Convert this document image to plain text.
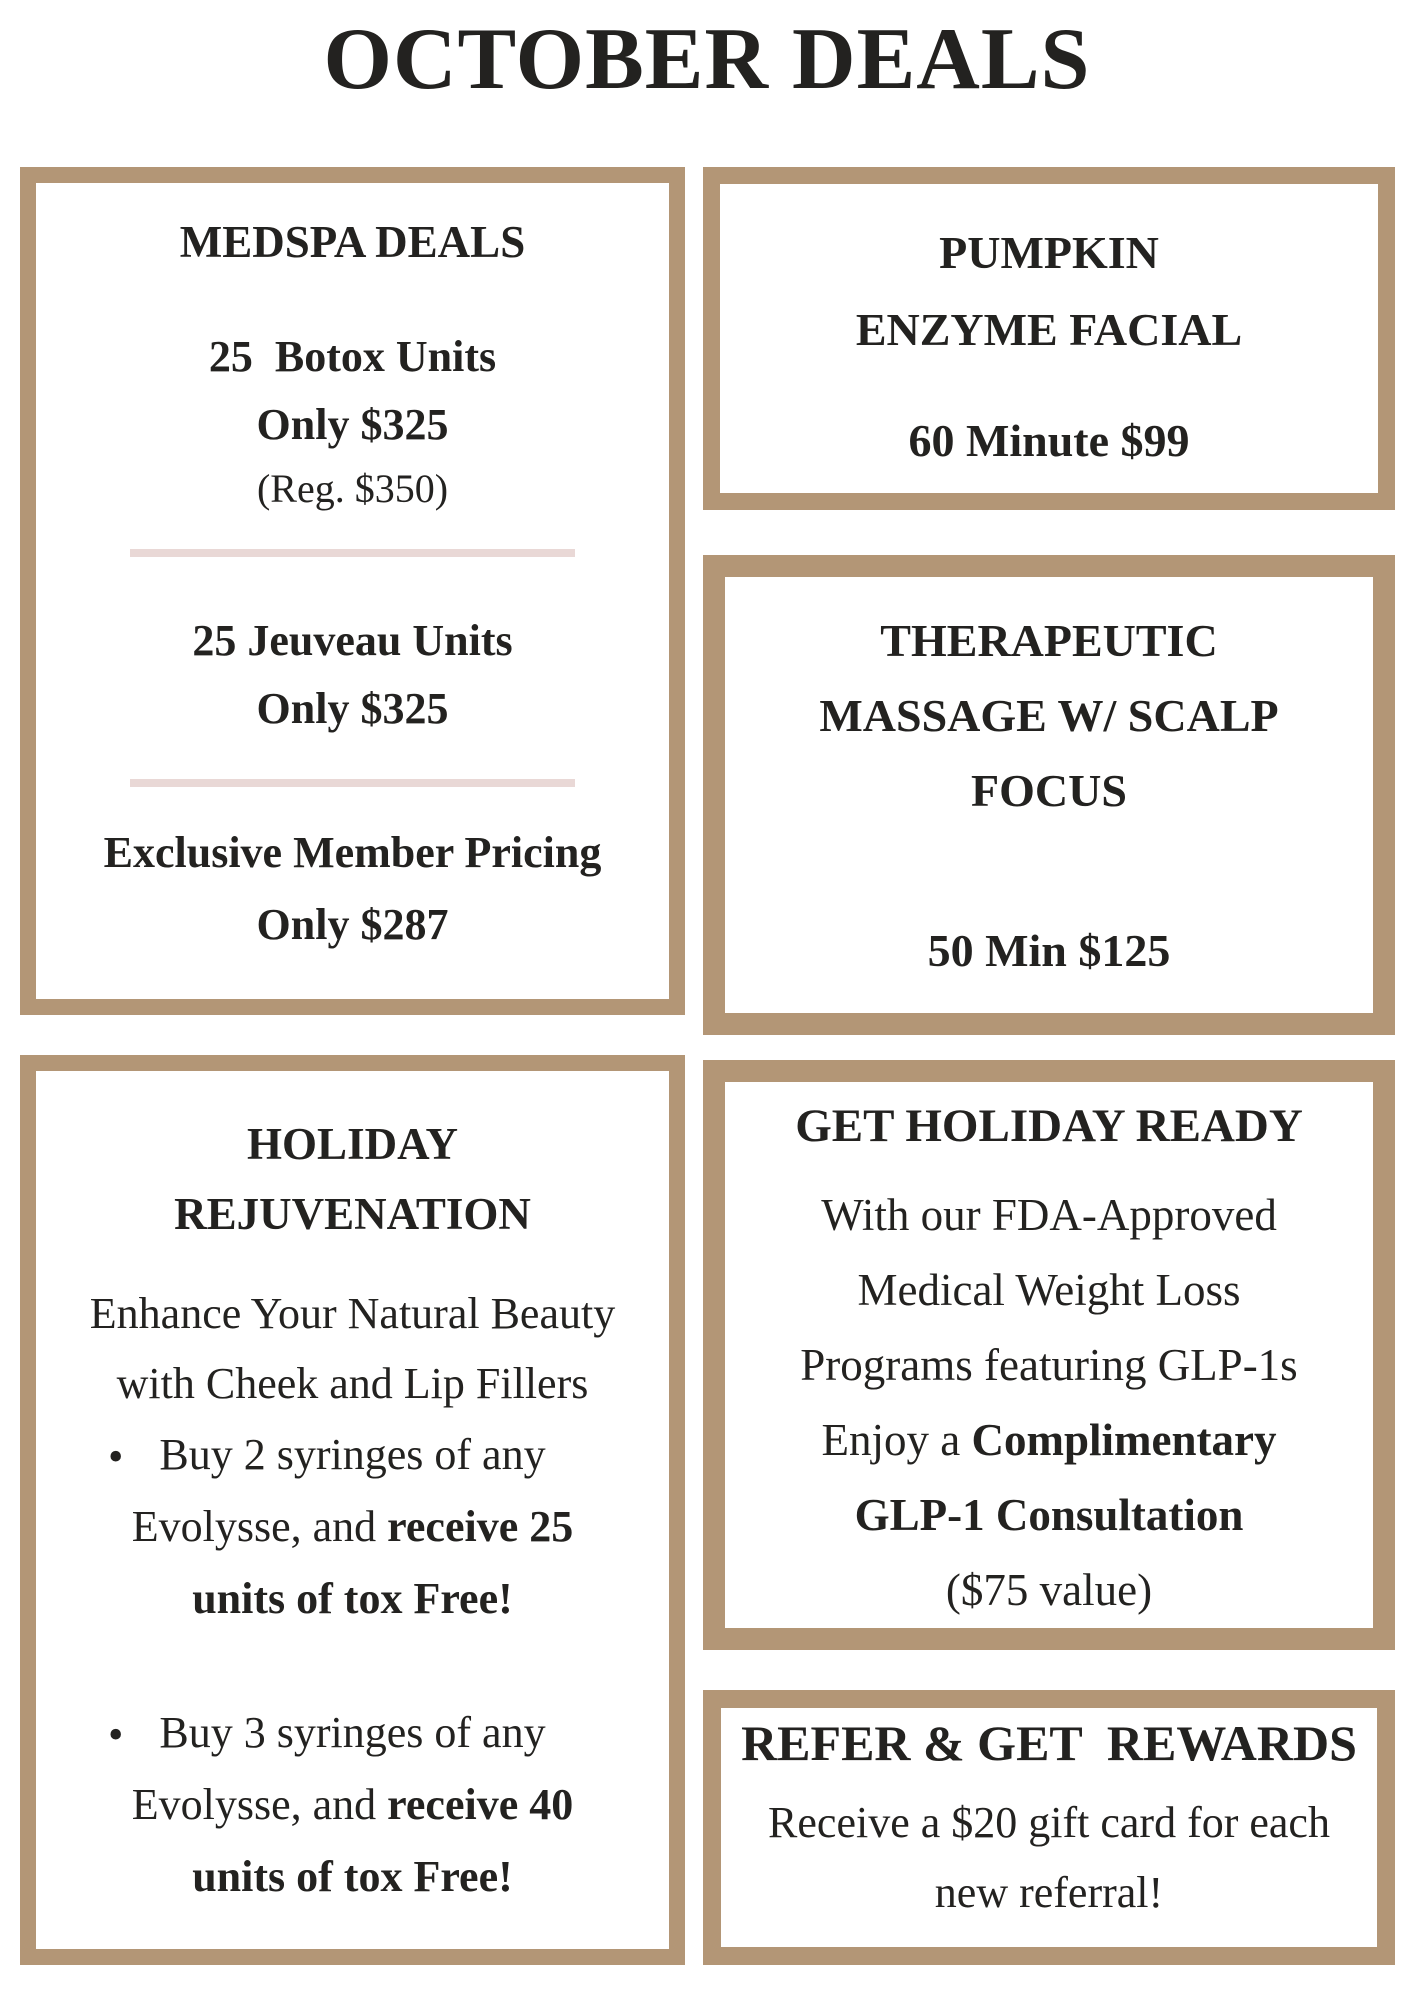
OCTOBER DEALS
MEDSPA DEALS
25  Botox Units
Only $325
(Reg. $350)
25 Jeuveau Units
Only $325
Exclusive Member Pricing
Only $287
PUMPKIN
ENZYME FACIAL
60 Minute $99
THERAPEUTIC
MASSAGE W/ SCALP
FOCUS
50 Min $125
HOLIDAY
REJUVENATION
Enhance Your Natural Beauty
with Cheek and Lip Fillers
• Buy 2 syringes of any
Evolysse, and receive 25
units of tox Free!
• Buy 3 syringes of any
Evolysse, and receive 40
units of tox Free!
GET HOLIDAY READY
With our FDA-Approved
Medical Weight Loss
Programs featuring GLP-1s
Enjoy a Complimentary
GLP-1 Consultation
($75 value)
REFER & GET  REWARDS
Receive a $20 gift card for each
new referral!
